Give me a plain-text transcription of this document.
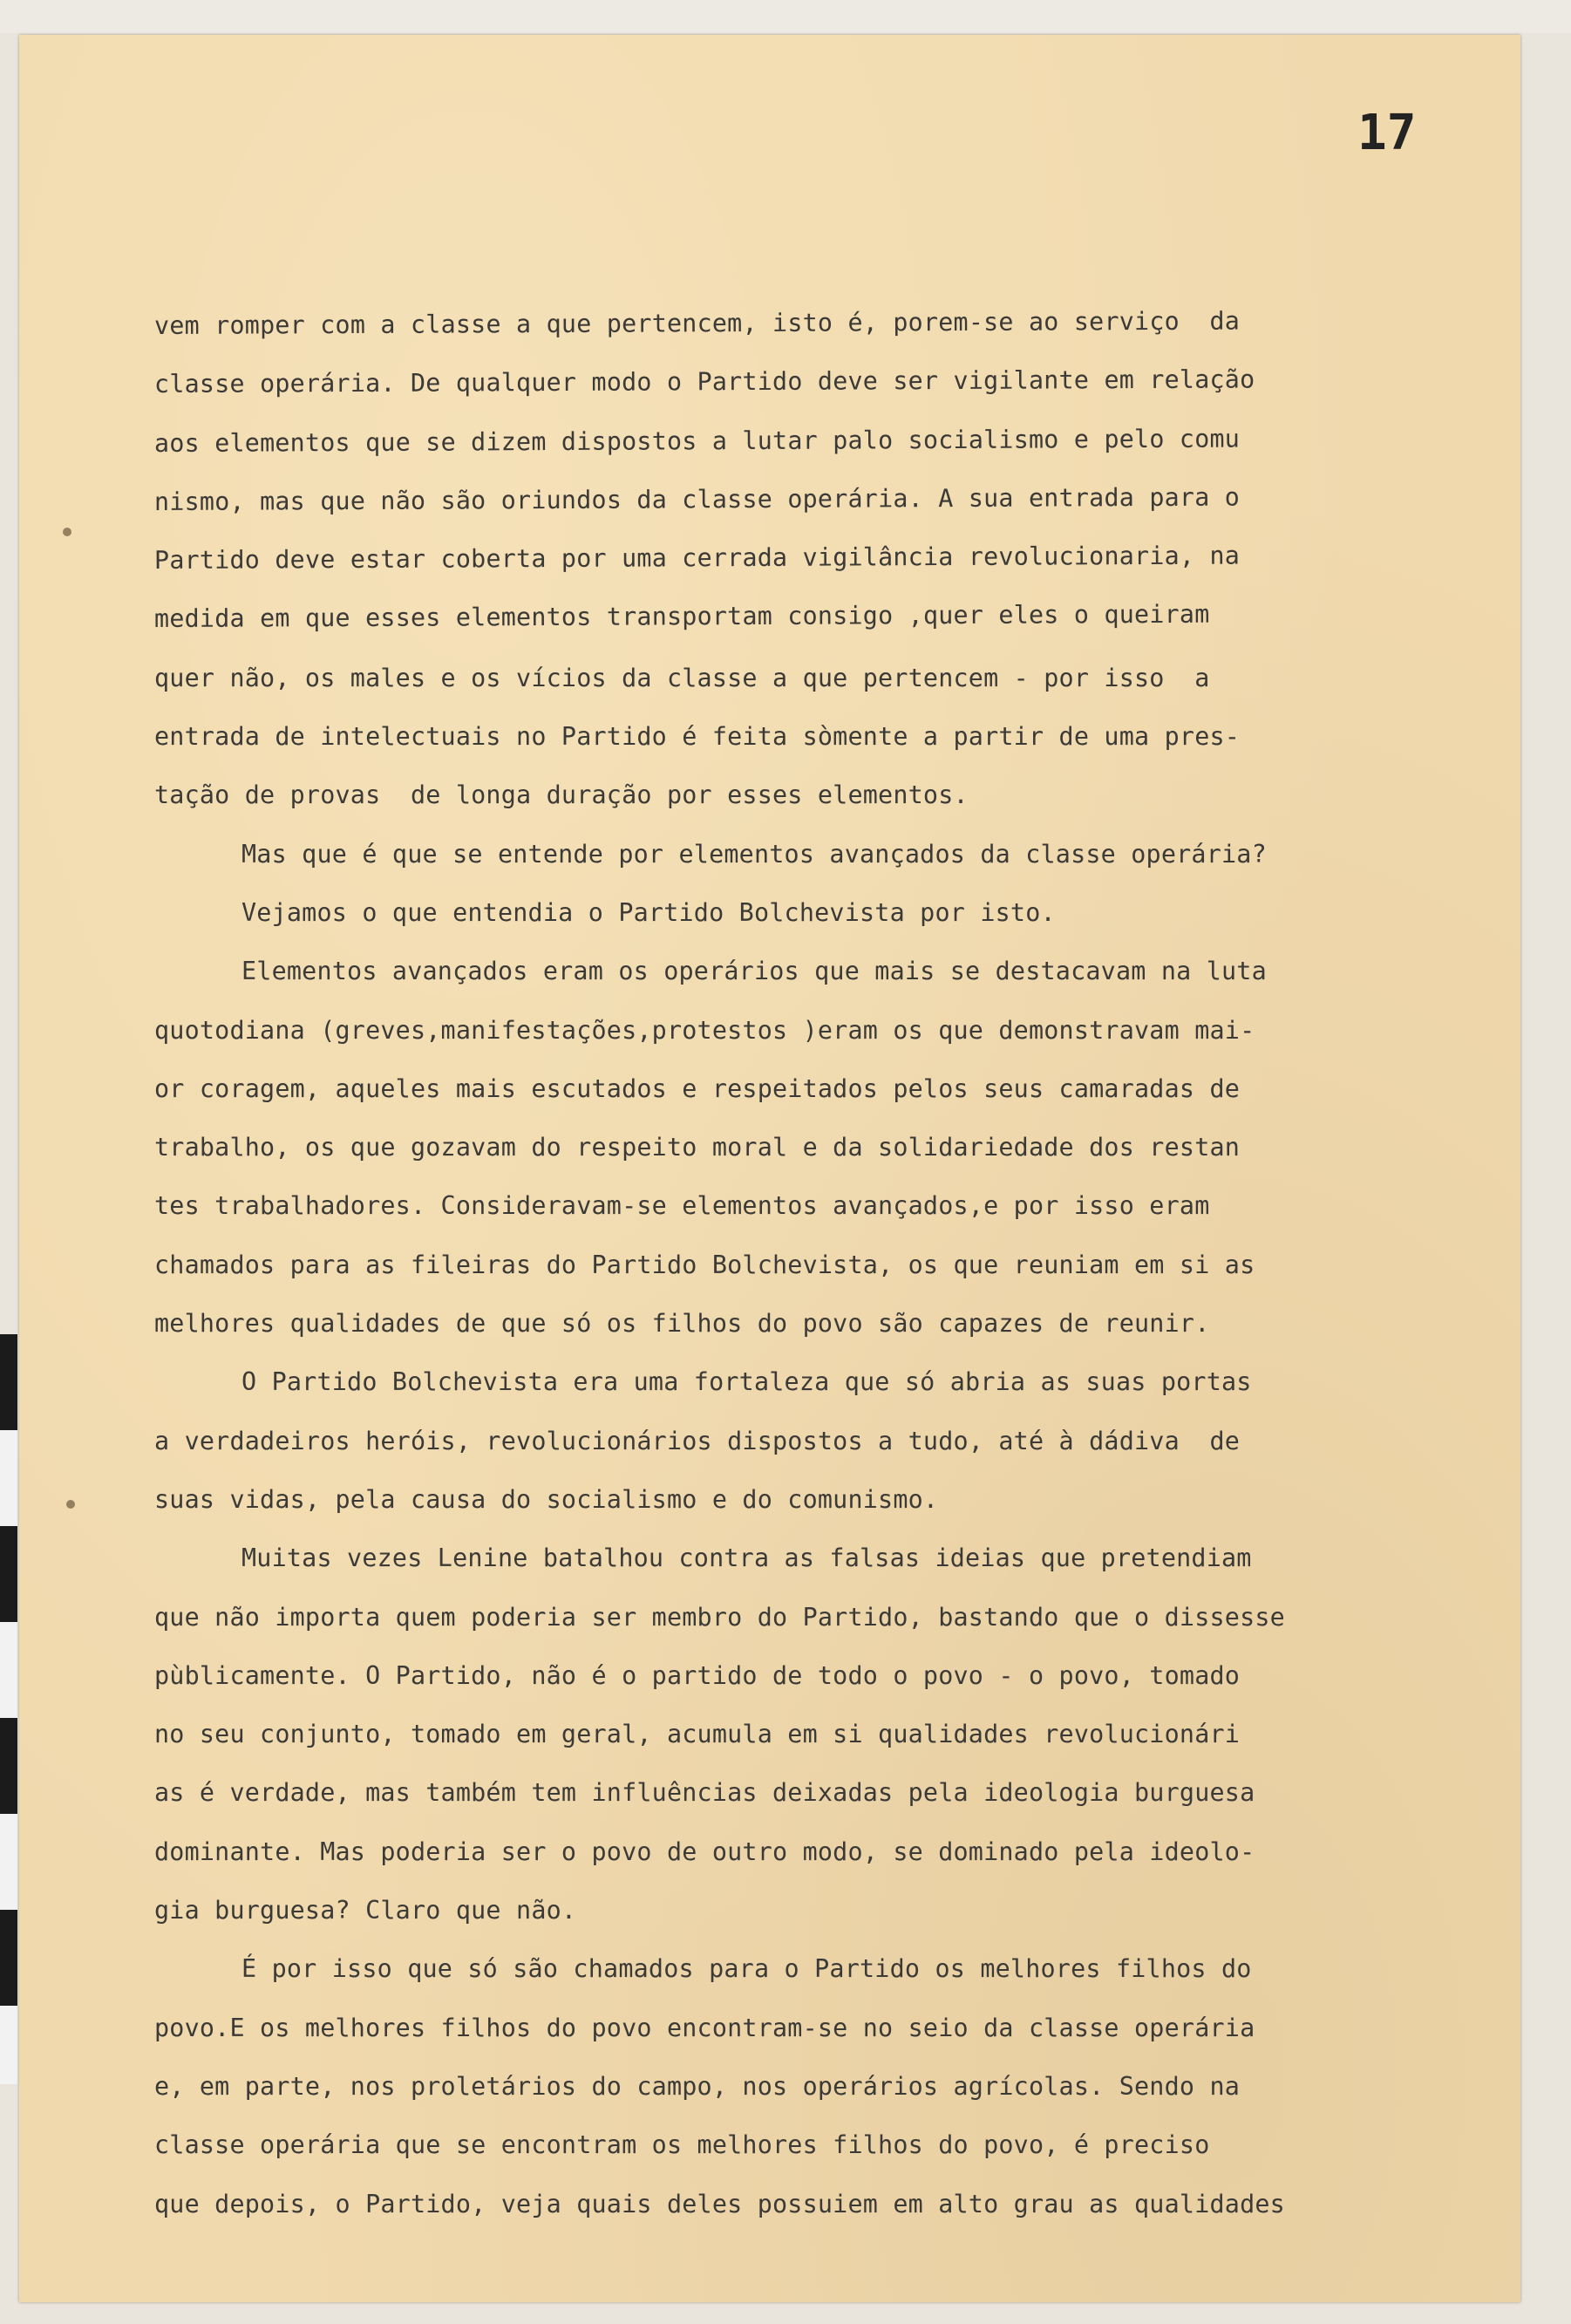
17
vem romper com a classe a que pertencem, isto é, porem-se ao serviço  da
classe operária. De qualquer modo o Partido deve ser vigilante em relação
aos elementos que se dizem dispostos a lutar palo socialismo e pelo comu
nismo, mas que não são oriundos da classe operária. A sua entrada para o
Partido deve estar coberta por uma cerrada vigilância revolucionaria, na
medida em que esses elementos transportam consigo ,quer eles o queiram
quer não, os males e os vícios da classe a que pertencem - por isso  a
entrada de intelectuais no Partido é feita sòmente a partir de uma pres-
tação de provas  de longa duração por esses elementos.
Mas que é que se entende por elementos avançados da classe operária?
Vejamos o que entendia o Partido Bolchevista por isto.
Elementos avançados eram os operários que mais se destacavam na luta
quotodiana (greves,manifestações,protestos )eram os que demonstravam mai-
or coragem, aqueles mais escutados e respeitados pelos seus camaradas de
trabalho, os que gozavam do respeito moral e da solidariedade dos restan
tes trabalhadores. Consideravam-se elementos avançados,e por isso eram
chamados para as fileiras do Partido Bolchevista, os que reuniam em si as
melhores qualidades de que só os filhos do povo são capazes de reunir.
O Partido Bolchevista era uma fortaleza que só abria as suas portas
a verdadeiros heróis, revolucionários dispostos a tudo, até à dádiva  de
suas vidas, pela causa do socialismo e do comunismo.
Muitas vezes Lenine batalhou contra as falsas ideias que pretendiam
que não importa quem poderia ser membro do Partido, bastando que o dissesse
pùblicamente. O Partido, não é o partido de todo o povo - o povo, tomado
no seu conjunto, tomado em geral, acumula em si qualidades revolucionári
as é verdade, mas também tem influências deixadas pela ideologia burguesa
dominante. Mas poderia ser o povo de outro modo, se dominado pela ideolo-
gia burguesa? Claro que não.
É por isso que só são chamados para o Partido os melhores filhos do
povo.E os melhores filhos do povo encontram-se no seio da classe operária
e, em parte, nos proletários do campo, nos operários agrícolas. Sendo na
classe operária que se encontram os melhores filhos do povo, é preciso
que depois, o Partido, veja quais deles possuiem em alto grau as qualidades
